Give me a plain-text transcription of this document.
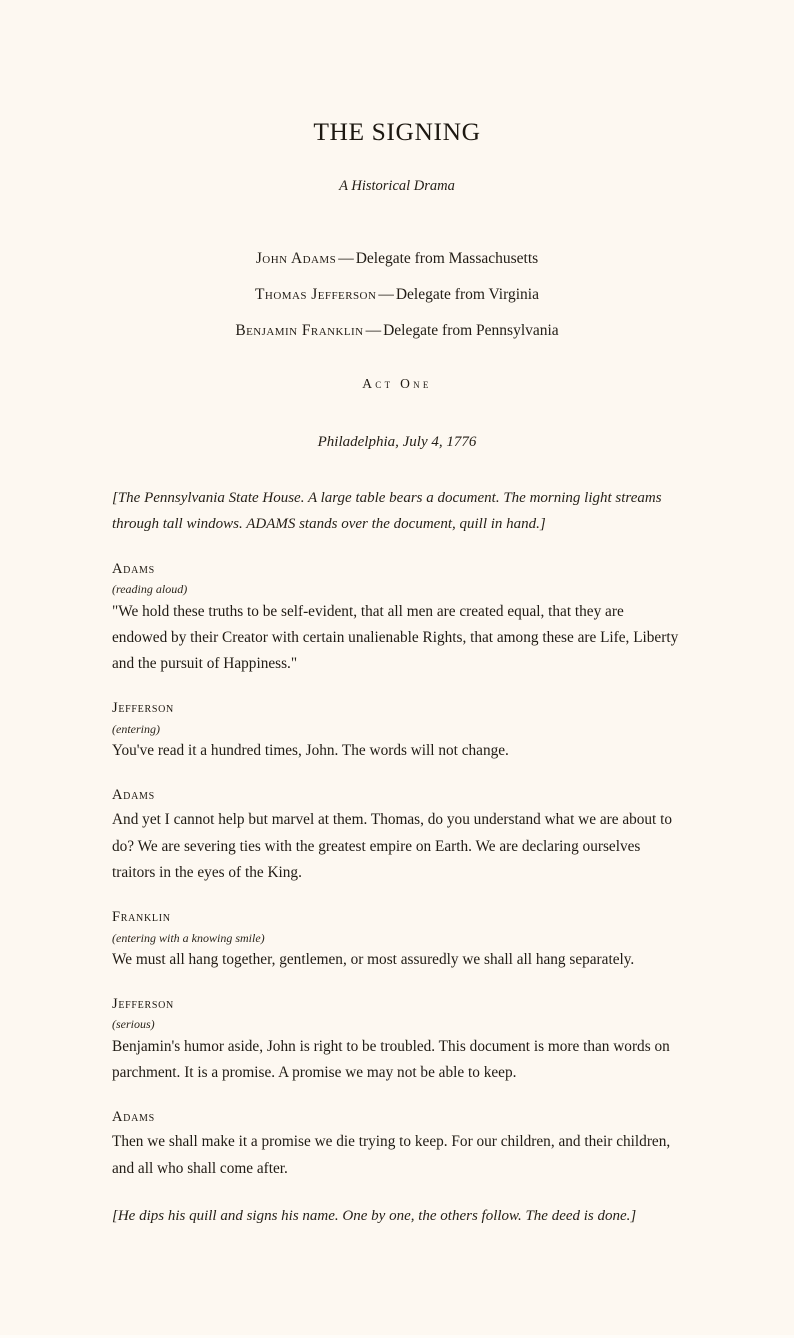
THE SIGNING

A Historical Drama

John Adams — Delegate from Massachusetts
Thomas Jefferson — Delegate from Virginia
Benjamin Franklin — Delegate from Pennsylvania
Act One
Philadelphia, July 4, 1776

[The Pennsylvania State House. A large table bears a document. The morning light streams through tall windows. ADAMS stands over the document, quill in hand.]

Adams

(reading aloud)

"We hold these truths to be self-evident, that all men are created equal, that they are endowed by their Creator with certain unalienable Rights, that among these are Life, Liberty and the pursuit of Happiness."

Jefferson

(entering)

You've read it a hundred times, John. The words will not change.

Adams

And yet I cannot help but marvel at them. Thomas, do you understand what we are about to do? We are severing ties with the greatest empire on Earth. We are declaring ourselves traitors in the eyes of the King.

Franklin

(entering with a knowing smile)

We must all hang together, gentlemen, or most assuredly we shall all hang separately.

Jefferson

(serious)

Benjamin's humor aside, John is right to be troubled. This document is more than words on parchment. It is a promise. A promise we may not be able to keep.

Adams

Then we shall make it a promise we die trying to keep. For our children, and their children, and all who shall come after.

[He dips his quill and signs his name. One by one, the others follow. The deed is done.]
